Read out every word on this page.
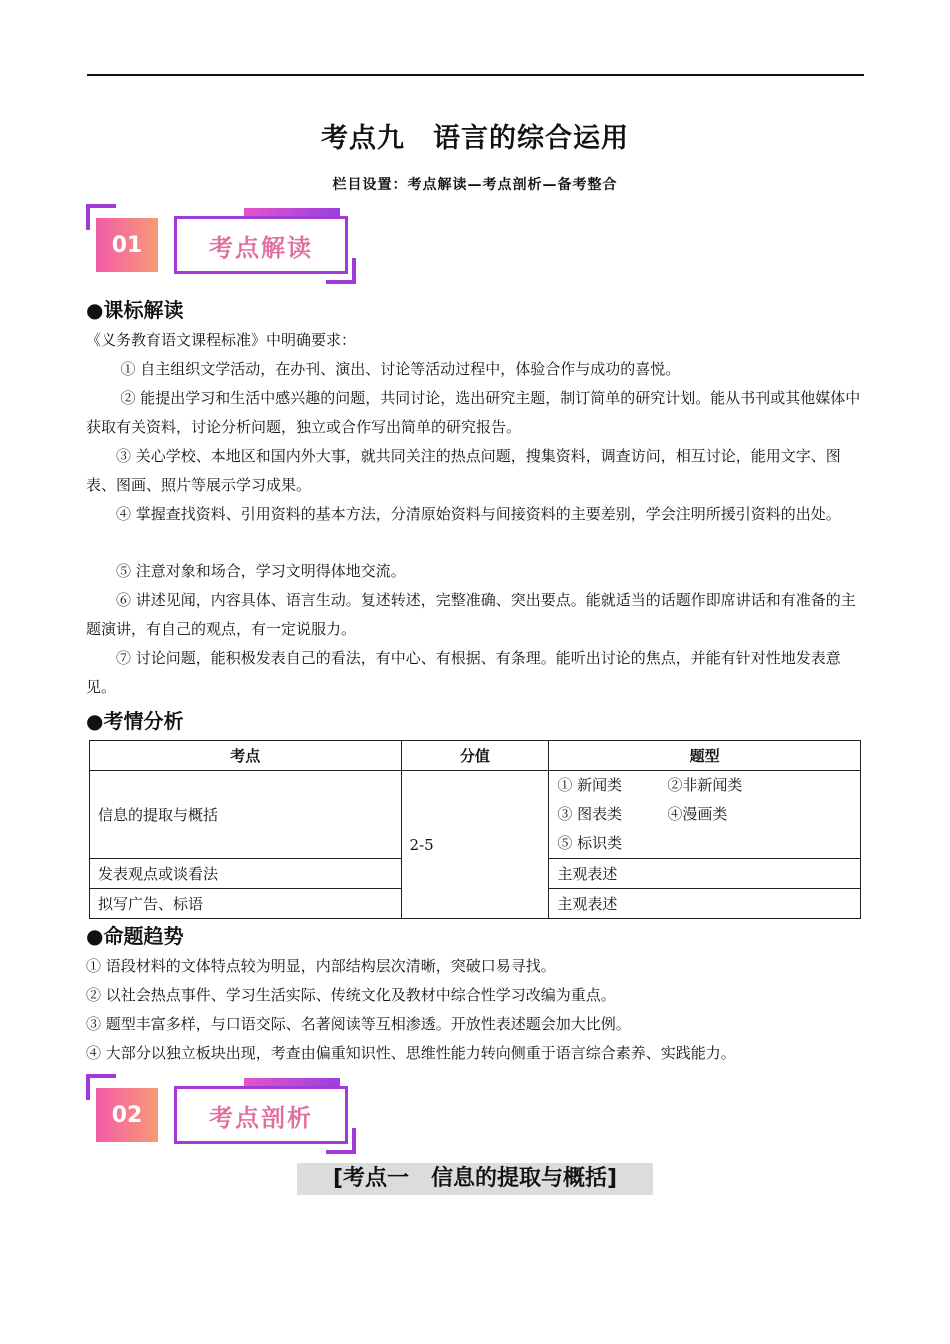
考点九　语言的综合运用
栏目设置：考点解读—考点剖析—备考整合
01	考点解读
●课标解读
《义务教育语文课程标准》中明确要求：
① 自主组织文学活动，在办刊、演出、讨论等活动过程中，体验合作与成功的喜悦。
② 能提出学习和生活中感兴趣的问题，共同讨论，选出研究主题，制订简单的研究计划。能从书刊或其他媒体中获取有关资料，讨论分析问题，独立或合作写出简单的研究报告。
③ 关心学校、本地区和国内外大事，就共同关注的热点问题，搜集资料，调查访问，相互讨论，能用文字、图表、图画、照片等展示学习成果。
④ 掌握查找资料、引用资料的基本方法，分清原始资料与间接资料的主要差别，学会注明所援引资料的出处。
⑤ 注意对象和场合，学习文明得体地交流。
⑥ 讲述见闻，内容具体、语言生动。复述转述，完整准确、突出要点。能就适当的话题作即席讲话和有准备的主题演讲，有自己的观点，有一定说服力。
⑦ 讨论问题，能积极发表自己的看法，有中心、有根据、有条理。能听出讨论的焦点，并能有针对性地发表意见。
●考情分析
考点	分值	题型
信息的提取与概括	2-5	① 新闻类 ②非新闻类
③ 图表类 ④漫画类
⑤ 标识类

发表观点或谈看法		主观表述
拟写广告、标语		主观表述
●命题趋势
① 语段材料的文体特点较为明显，内部结构层次清晰，突破口易寻找。
② 以社会热点事件、学习生活实际、传统文化及教材中综合性学习改编为重点。
③ 题型丰富多样，与口语交际、名著阅读等互相渗透。开放性表述题会加大比例。
④ 大部分以独立板块出现，考查由偏重知识性、思维性能力转向侧重于语言综合素养、实践能力。
02	考点剖析
[考点一　信息的提取与概括]
